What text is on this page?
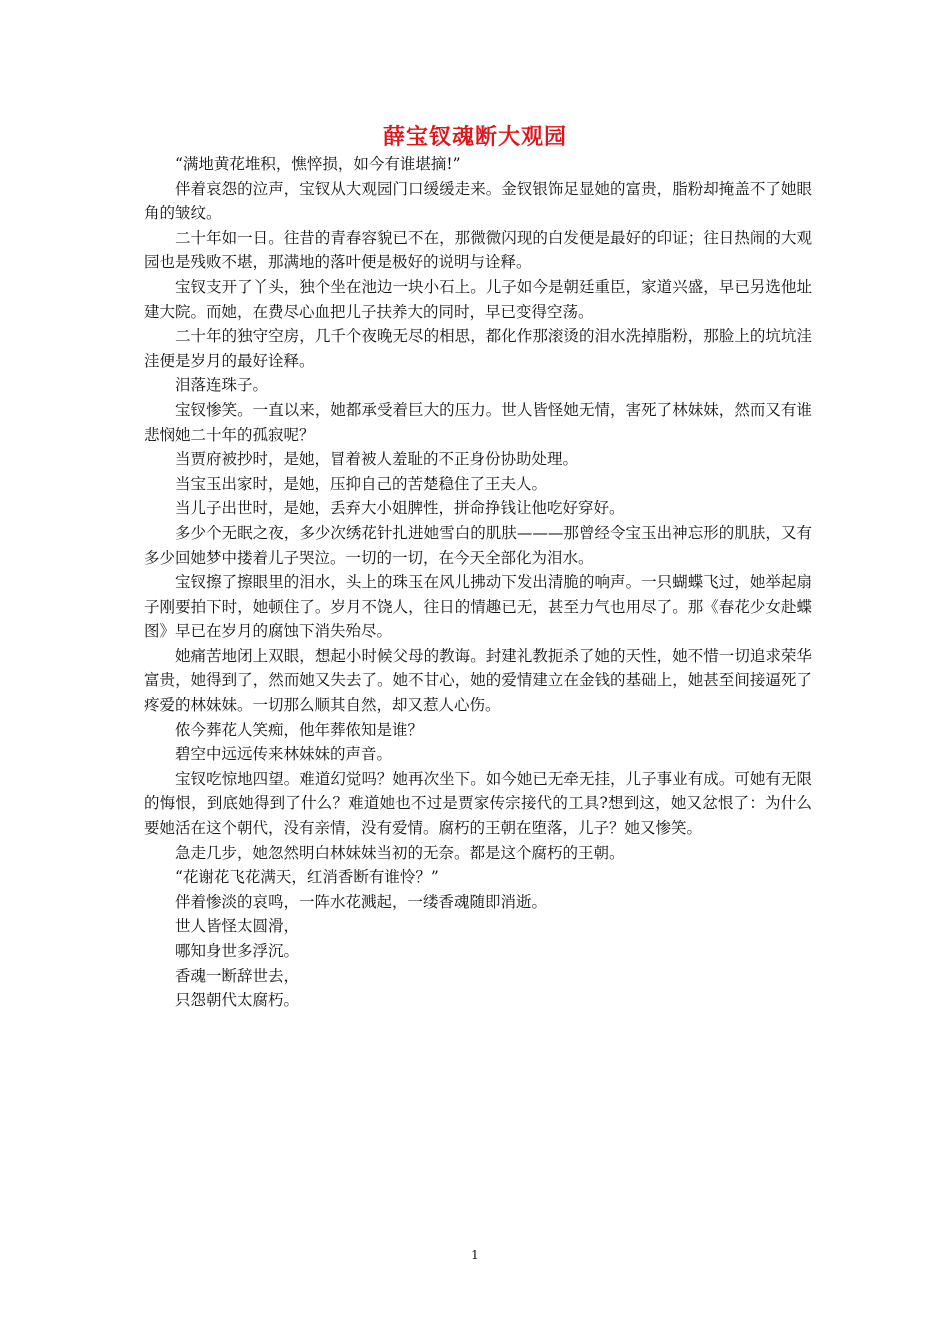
薛宝钗魂断大观园

“满地黄花堆积，憔悴损，如今有谁堪摘!”

伴着哀怨的泣声，宝钗从大观园门口缓缓走来。金钗银饰足显她的富贵，脂粉却掩盖不了她眼角的皱纹。

二十年如一日。往昔的青春容貌已不在，那微微闪现的白发便是最好的印证；往日热闹的大观园也是残败不堪，那满地的落叶便是极好的说明与诠释。

宝钗支开了丫头，独个坐在池边一块小石上。儿子如今是朝廷重臣，家道兴盛，早已另选他址建大院。而她，在费尽心血把儿子扶养大的同时，早已变得空荡。

二十年的独守空房，几千个夜晚无尽的相思，都化作那滚烫的泪水洗掉脂粉，那脸上的坑坑洼洼便是岁月的最好诠释。

泪落连珠子。

宝钗惨笑。一直以来，她都承受着巨大的压力。世人皆怪她无情，害死了林妹妹，然而又有谁悲悯她二十年的孤寂呢？

当贾府被抄时，是她，冒着被人羞耻的不正身份协助处理。

当宝玉出家时，是她，压抑自己的苦楚稳住了王夫人。

当儿子出世时，是她，丢弃大小姐脾性，拼命挣钱让他吃好穿好。

多少个无眠之夜，多少次绣花针扎进她雪白的肌肤———那曾经令宝玉出神忘形的肌肤，又有多少回她梦中搂着儿子哭泣。一切的一切，在今天全部化为泪水。

宝钗擦了擦眼里的泪水，头上的珠玉在风儿拂动下发出清脆的响声。一只蝴蝶飞过，她举起扇子刚要拍下时，她顿住了。岁月不饶人，往日的情趣已无，甚至力气也用尽了。那《春花少女赴蝶图》早已在岁月的腐蚀下消失殆尽。

她痛苦地闭上双眼，想起小时候父母的教诲。封建礼教扼杀了她的天性，她不惜一切追求荣华富贵，她得到了，然而她又失去了。她不甘心，她的爱情建立在金钱的基础上，她甚至间接逼死了疼爱的林妹妹。一切那么顺其自然，却又惹人心伤。

侬今葬花人笑痴，他年葬侬知是谁？

碧空中远远传来林妹妹的声音。

宝钗吃惊地四望。难道幻觉吗？她再次坐下。如今她已无牵无挂，儿子事业有成。可她有无限的悔恨，到底她得到了什么？难道她也不过是贾家传宗接代的工具?想到这，她又忿恨了：为什么要她活在这个朝代，没有亲情，没有爱情。腐朽的王朝在堕落，儿子？她又惨笑。

急走几步，她忽然明白林妹妹当初的无奈。都是这个腐朽的王朝。

“花谢花飞花满天，红消香断有谁怜？”

伴着惨淡的哀鸣，一阵水花溅起，一缕香魂随即消逝。

世人皆怪太圆滑，

哪知身世多浮沉。

香魂一断辞世去，

只怨朝代太腐朽。

1
